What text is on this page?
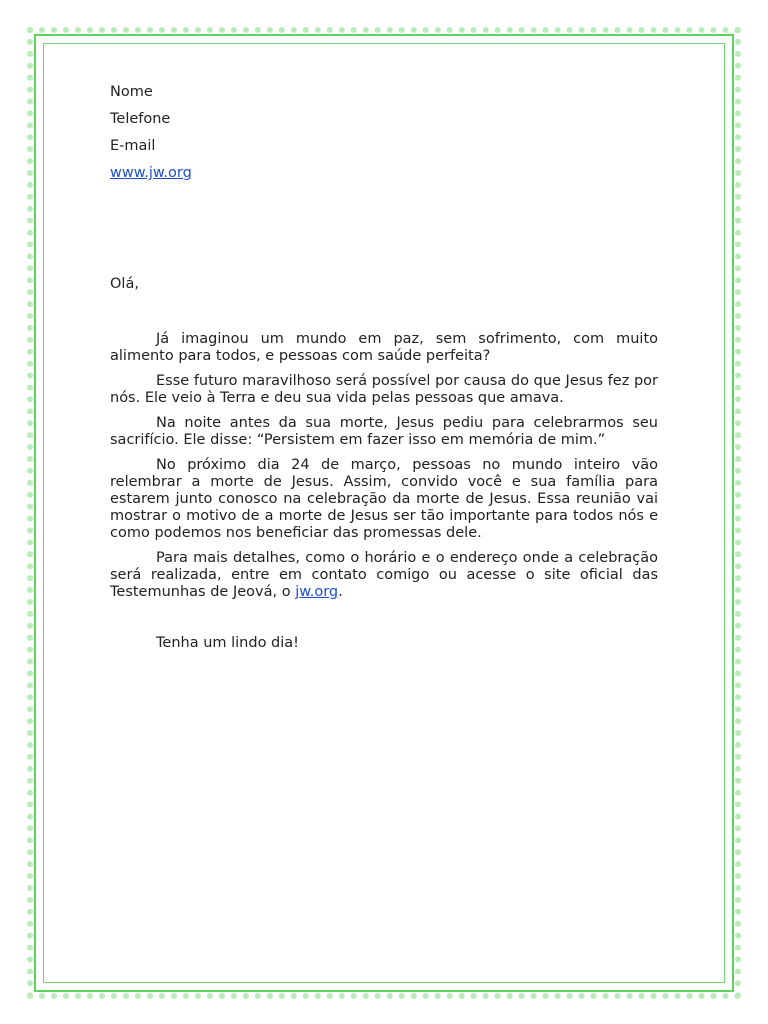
Nome
Telefone
E-mail
www.jw.org
Olá,

Já imaginou um mundo em paz, sem sofrimento, com muito alimento para todos, e pessoas com saúde perfeita?

Esse futuro maravilhoso será possível por causa do que Jesus fez por nós. Ele veio à Terra e deu sua vida pelas pessoas que amava.

Na noite antes da sua morte, Jesus pediu para celebrarmos seu sacrifício. Ele disse: “Persistem em fazer isso em memória de mim.”

No próximo dia 24 de março, pessoas no mundo inteiro vão relembrar a morte de Jesus. Assim, convido você e sua família para estarem junto conosco na celebração da morte de Jesus. Essa reunião vai mostrar o motivo de a morte de Jesus ser tão importante para todos nós e como podemos nos beneficiar das promessas dele.

Para mais detalhes, como o horário e o endereço onde a celebração será realizada, entre em contato comigo ou acesse o site oficial das Testemunhas de Jeová, o jw.org.

Tenha um lindo dia!
